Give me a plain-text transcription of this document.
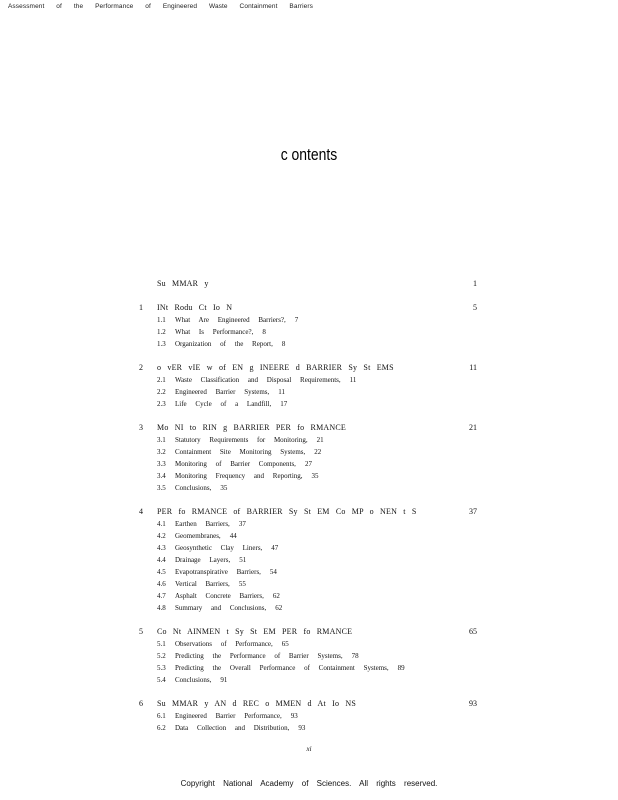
Assessment of the Performance of Engineered Waste Containment Barriers
c ontents
Su MMAR y	1
1	INt Rodu Ct Io N	5
1.1	What Are Engineered Barriers?, 7
1.2	What Is Performance?, 8
1.3	Organization of the Report, 8
2	o vER vIE w of EN g INEERE d BARRIER Sy St EMS	11
2.1	Waste Classification and Disposal Requirements, 11
2.2	Engineered Barrier Systems, 11
2.3	Life Cycle of a Landfill, 17
3	Mo NI to RIN g BARRIER PER fo RMANCE	21
3.1	Statutory Requirements for Monitoring, 21
3.2	Containment Site Monitoring Systems, 22
3.3	Monitoring of Barrier Components, 27
3.4	Monitoring Frequency and Reporting, 35
3.5	Conclusions, 35
4	PER fo RMANCE of BARRIER Sy St EM Co MP o NEN t S	37
4.1	Earthen Barriers, 37
4.2	Geomembranes, 44
4.3	Geosynthetic Clay Liners, 47
4.4	Drainage Layers, 51
4.5	Evapotranspirative Barriers, 54
4.6	Vertical Barriers, 55
4.7	Asphalt Concrete Barriers, 62
4.8	Summary and Conclusions, 62
5	Co Nt AINMEN t Sy St EM PER fo RMANCE	65
5.1	Observations of Performance, 65
5.2	Predicting the Performance of Barrier Systems, 78
5.3	Predicting the Overall Performance of Containment Systems, 89
5.4	Conclusions, 91
6	Su MMAR y AN d REC o MMEN d At Io NS	93
6.1	Engineered Barrier Performance, 93
6.2	Data Collection and Distribution, 93
xi
Copyright National Academy of Sciences. All rights reserved.
